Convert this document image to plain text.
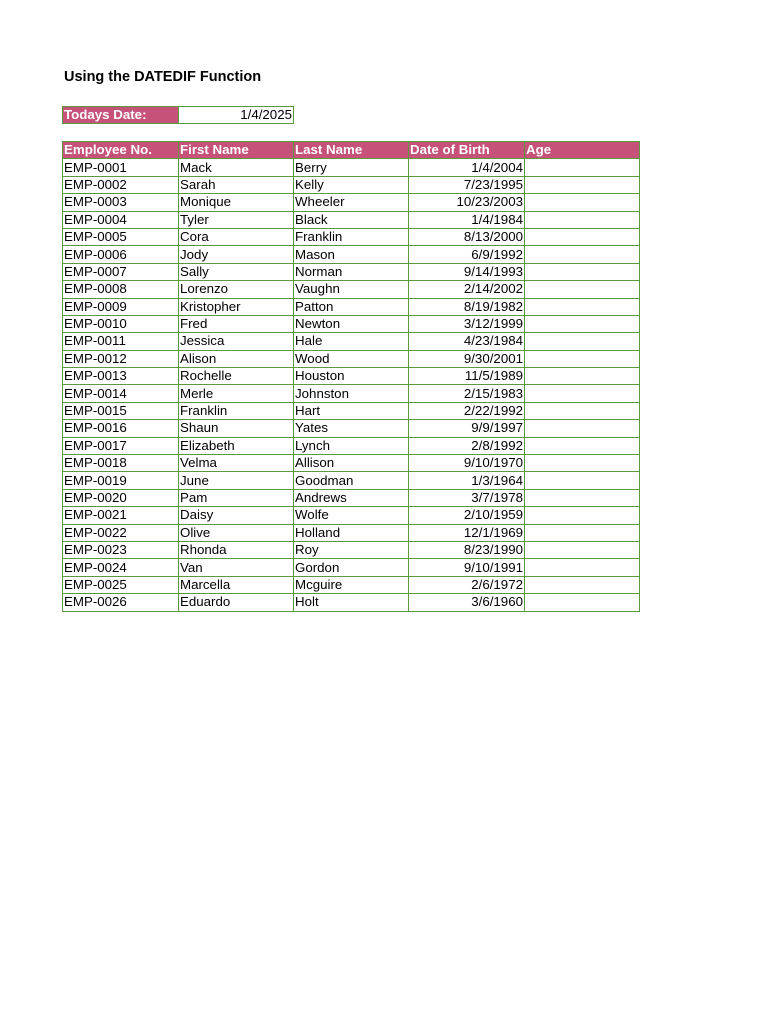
Using the DATEDIF Function
Todays Date:	1/4/2025
Employee No.	First Name	Last Name	Date of Birth	Age
EMP-0001	Mack	Berry	1/4/2004	
EMP-0002	Sarah	Kelly	7/23/1995	
EMP-0003	Monique	Wheeler	10/23/2003	
EMP-0004	Tyler	Black	1/4/1984	
EMP-0005	Cora	Franklin	8/13/2000	
EMP-0006	Jody	Mason	6/9/1992	
EMP-0007	Sally	Norman	9/14/1993	
EMP-0008	Lorenzo	Vaughn	2/14/2002	
EMP-0009	Kristopher	Patton	8/19/1982	
EMP-0010	Fred	Newton	3/12/1999	
EMP-0011	Jessica	Hale	4/23/1984	
EMP-0012	Alison	Wood	9/30/2001	
EMP-0013	Rochelle	Houston	11/5/1989	
EMP-0014	Merle	Johnston	2/15/1983	
EMP-0015	Franklin	Hart	2/22/1992	
EMP-0016	Shaun	Yates	9/9/1997	
EMP-0017	Elizabeth	Lynch	2/8/1992	
EMP-0018	Velma	Allison	9/10/1970	
EMP-0019	June	Goodman	1/3/1964	
EMP-0020	Pam	Andrews	3/7/1978	
EMP-0021	Daisy	Wolfe	2/10/1959	
EMP-0022	Olive	Holland	12/1/1969	
EMP-0023	Rhonda	Roy	8/23/1990	
EMP-0024	Van	Gordon	9/10/1991	
EMP-0025	Marcella	Mcguire	2/6/1972	
EMP-0026	Eduardo	Holt	3/6/1960	
